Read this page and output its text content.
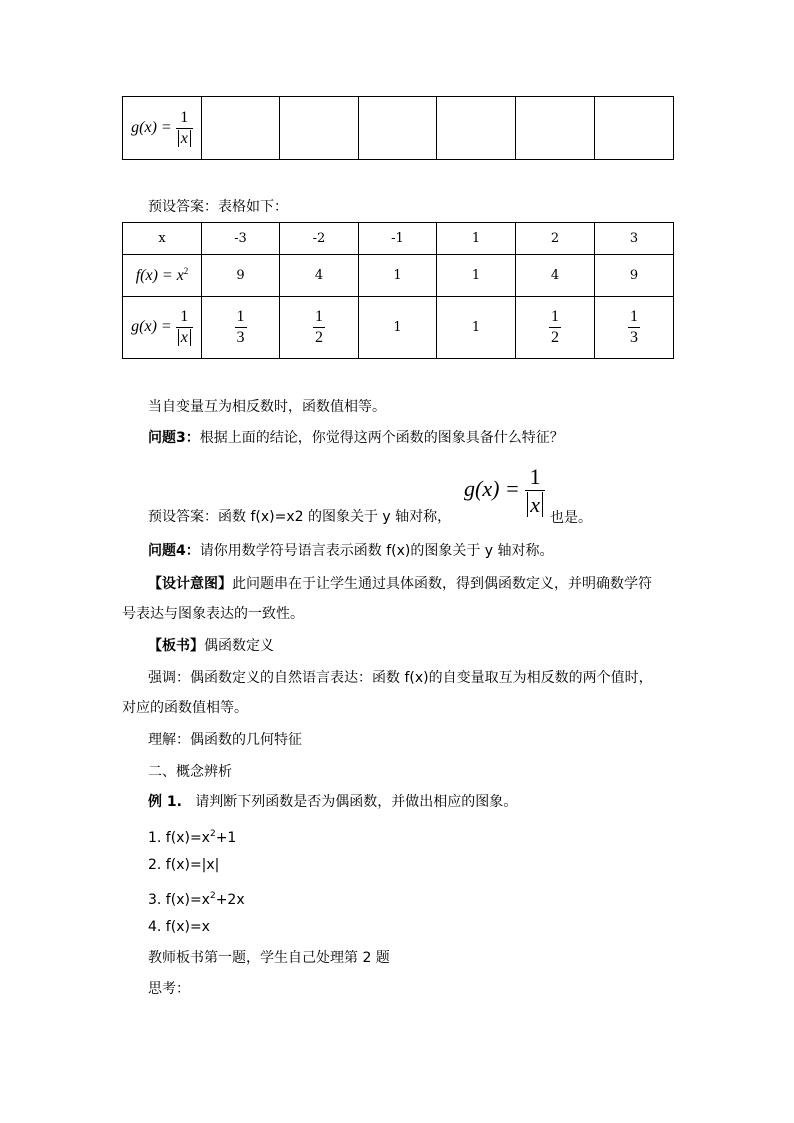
$g(x) = \frac{1}{x}$

预设答案：表格如下：
x	-3	-2	-1	1	2	3
$f(x) = x^2$	9	4	1	1	4	9
$g(x) = \frac{1}{x}$	$\frac{1}{3}$	$\frac{1}{2}$	1	1	$\frac{1}{2}$	$\frac{1}{3}$
当自变量互为相反数时，函数值相等。
问题3：根据上面的结论，你觉得这两个函数的图象具备什么特征？
预设答案：函数 f(x)=x2 的图象关于 y 轴对称，
$g(x) = \frac{1}{x}$
也是。
问题4：请你用数学符号语言表示函数 f(x)的图象关于 y 轴对称。
【设计意图】此问题串在于让学生通过具体函数，得到偶函数定义，并明确数学符
号表达与图象表达的一致性。
【板书】偶函数定义
强调：偶函数定义的自然语言表达：函数 f(x)的自变量取互为相反数的两个值时，
对应的函数值相等。
理解：偶函数的几何特征
二、概念辨析
例 1. 请判断下列函数是否为偶函数，并做出相应的图象。
1. $f(x)=x^2+1$
2. f(x)=|x|
3. $f(x)=x^2+2x$
4. f(x)=x
教师板书第一题，学生自己处理第 2 题
思考：
